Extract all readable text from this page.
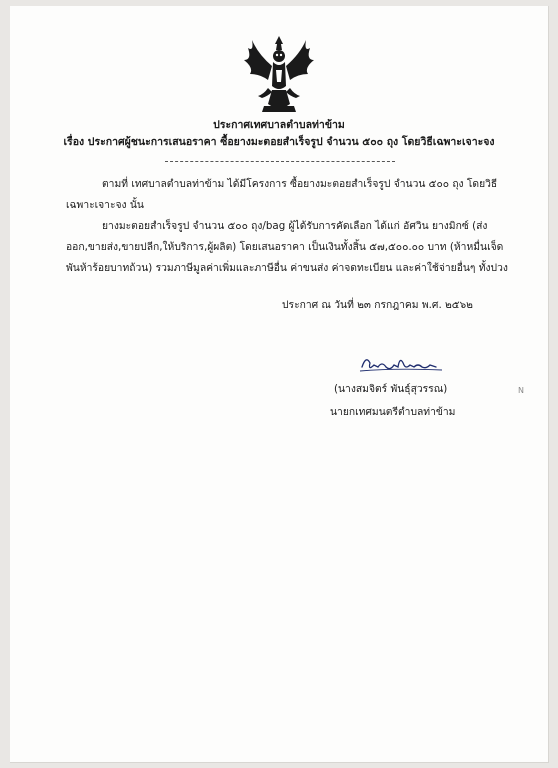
ประกาศเทศบาลตำบลท่าข้าม
เรื่อง ประกาศผู้ชนะการเสนอราคา ซื้อยางมะตอยสำเร็จรูป จำนวน ๕๐๐ ถุง โดยวิธีเฉพาะเจาะจง
ตามที่ เทศบาลตำบลท่าข้าม ได้มีโครงการ ซื้อยางมะตอยสำเร็จรูป จำนวน ๕๐๐ ถุง โดยวิธีเฉพาะเจาะจง นั้น
ยางมะตอยสำเร็จรูป จำนวน ๕๐๐ ถุง/bag ผู้ได้รับการคัดเลือก ได้แก่ อัศวิน ยางมิกซ์ (ส่งออก,ขายส่ง,ขายปลีก,ให้บริการ,ผู้ผลิต) โดยเสนอราคา เป็นเงินทั้งสิ้น ๕๗,๕๐๐.๐๐ บาท (ห้าหมื่นเจ็ดพันห้าร้อยบาทถ้วน) รวมภาษีมูลค่าเพิ่มและภาษีอื่น ค่าขนส่ง ค่าจดทะเบียน และค่าใช้จ่ายอื่นๆ ทั้งปวง
ประกาศ ณ วันที่ ๒๓ กรกฎาคม พ.ศ. ๒๕๖๒
(นางสมจิตร์ พันธุ์สุวรรณ)
นายกเทศมนตรีตำบลท่าข้าม
N
